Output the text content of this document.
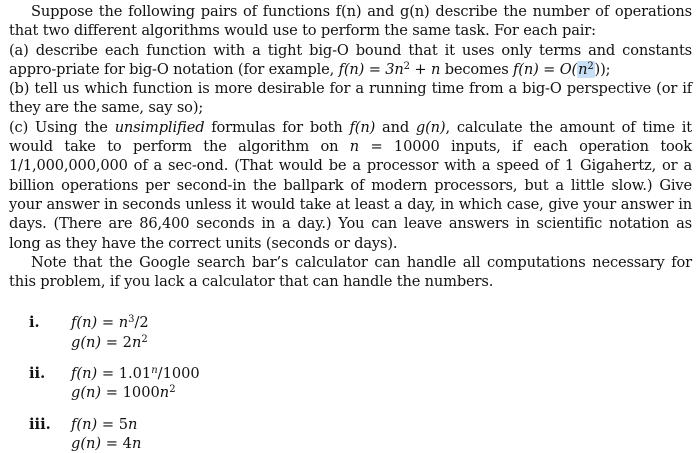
Suppose the following pairs of functions f(n) and g(n) describe the number of operations that two different algorithms would use to perform the same task. For each pair:
(a) describe each function with a tight big-O bound that it uses only terms and constants appro-priate for big-O notation (for example, $f(n) = 3n^2 + n$ becomes $f(n) = O(n^2)$);
(b) tell us which function is more desirable for a running time from a big-O perspective (or if they are the same, say so);
(c) Using the unsimplified formulas for both f(n) and g(n), calculate the amount of time it would take to perform the algorithm on n = 10000 inputs, if each operation took 1/1,000,000,000 of a sec-ond. (That would be a processor with a speed of 1 Gigahertz, or a billion operations per second-in the ballpark of modern processors, but a little slow.) Give your answer in seconds unless it would take at least a day, in which case, give your answer in days. (There are 86,400 seconds in a day.) You can leave answers in scientific notation as long as they have the correct units (seconds or days).

Note that the Google search bar’s calculator can handle all computations necessary for this problem, if you lack a calculator that can handle the numbers.

i.	$f(n) = n^3/2$
$g(n) = 2n^2$
ii.	$f(n) = 1.01^n/1000$
$g(n) = 1000n^2$
iii.	f(n) = 5n
g(n) = 4n
